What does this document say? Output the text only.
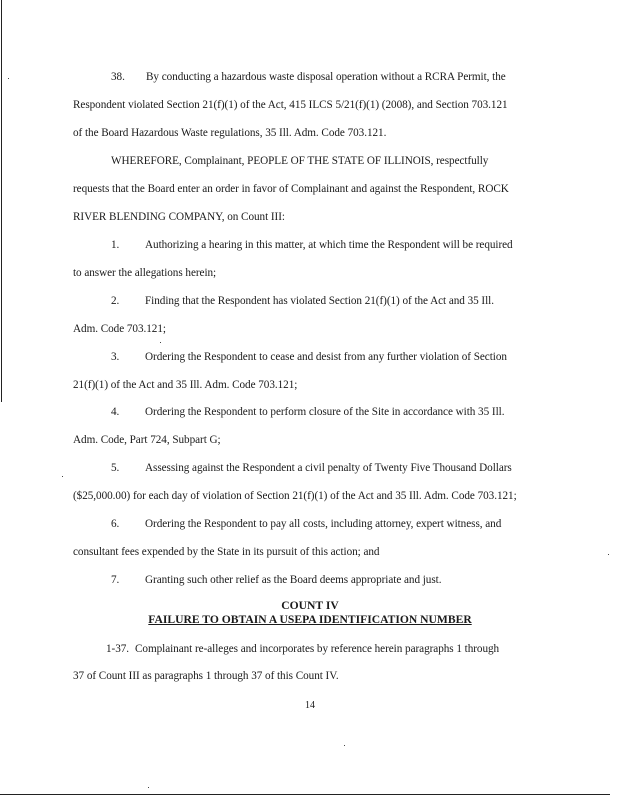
38. By conducting a hazardous waste disposal operation without a RCRA Permit, the
Respondent violated Section 21(f)(1) of the Act, 415 ILCS 5/21(f)(1) (2008), and Section 703.121
of the Board Hazardous Waste regulations, 35 Ill. Adm. Code 703.121.
WHEREFORE, Complainant, PEOPLE OF THE STATE OF ILLINOIS, respectfully
requests that the Board enter an order in favor of Complainant and against the Respondent, ROCK
RIVER BLENDING COMPANY, on Count III:
1. Authorizing a hearing in this matter, at which time the Respondent will be required
to answer the allegations herein;
2. Finding that the Respondent has violated Section 21(f)(1) of the Act and 35 Ill.
Adm. Code 703.121;
3. Ordering the Respondent to cease and desist from any further violation of Section
21(f)(1) of the Act and 35 Ill. Adm. Code 703.121;
4. Ordering the Respondent to perform closure of the Site in accordance with 35 Ill.
Adm. Code, Part 724, Subpart G;
5. Assessing against the Respondent a civil penalty of Twenty Five Thousand Dollars
($25,000.00) for each day of violation of Section 21(f)(1) of the Act and 35 Ill. Adm. Code 703.121;
6. Ordering the Respondent to pay all costs, including attorney, expert witness, and
consultant fees expended by the State in its pursuit of this action; and
7. Granting such other relief as the Board deems appropriate and just.
COUNT IV
FAILURE TO OBTAIN A USEPA IDENTIFICATION NUMBER
1-37. Complainant re-alleges and incorporates by reference herein paragraphs 1 through
37 of Count III as paragraphs 1 through 37 of this Count IV.
14
